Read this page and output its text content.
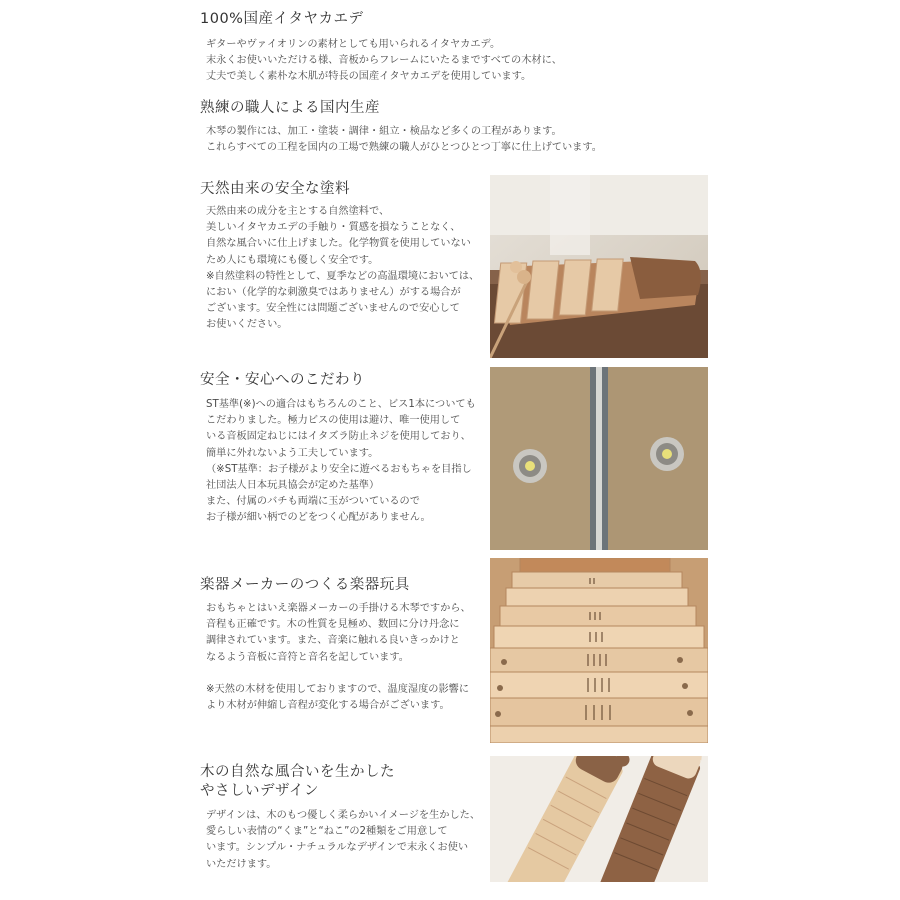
100%国産イタヤカエデ
ギターやヴァイオリンの素材としても用いられるイタヤカエデ。
末永くお使いいただける様、音板からフレームにいたるまですべての木材に、
丈夫で美しく素朴な木肌が特長の国産イタヤカエデを使用しています。
熟練の職人による国内生産
木琴の製作には、加工・塗装・調律・組立・検品など多くの工程があります。
これらすべての工程を国内の工場で熟練の職人がひとつひとつ丁寧に仕上げています。
天然由来の安全な塗料
天然由来の成分を主とする自然塗料で、
美しいイタヤカエデの手触り・質感を損なうことなく、
自然な風合いに仕上げました。化学物質を使用していない
ため人にも環境にも優しく安全です。
※自然塗料の特性として、夏季などの高温環境においては、
におい（化学的な刺激臭ではありません）がする場合が
ございます。安全性には問題ございませんので安心して
お使いください。
安全・安心へのこだわり
ST基準(※)への適合はもちろんのこと、ビス1本についても
こだわりました。極力ビスの使用は避け、唯一使用して
いる音板固定ねじにはイタズラ防止ネジを使用しており、
簡単に外れないよう工夫しています。
（※ST基準：お子様がより安全に遊べるおもちゃを目指し
社団法人日本玩具協会が定めた基準）
また、付属のバチも両端に玉がついているので
お子様が細い柄でのどをつく心配がありません。
楽器メーカーのつくる楽器玩具
おもちゃとはいえ楽器メーカーの手掛ける木琴ですから、
音程も正確です。木の性質を見極め、数回に分け丹念に
調律されています。また、音楽に触れる良いきっかけと
なるよう音板に音符と音名を記しています。
※天然の木材を使用しておりますので、温度湿度の影響に
より木材が伸縮し音程が変化する場合がございます。
木の自然な風合いを生かした
やさしいデザイン
デザインは、木のもつ優しく柔らかいイメージを生かした、
愛らしい表情の“くま”と“ねこ”の2種類をご用意して
います。シンプル・ナチュラルなデザインで末永くお使い
いただけます。
